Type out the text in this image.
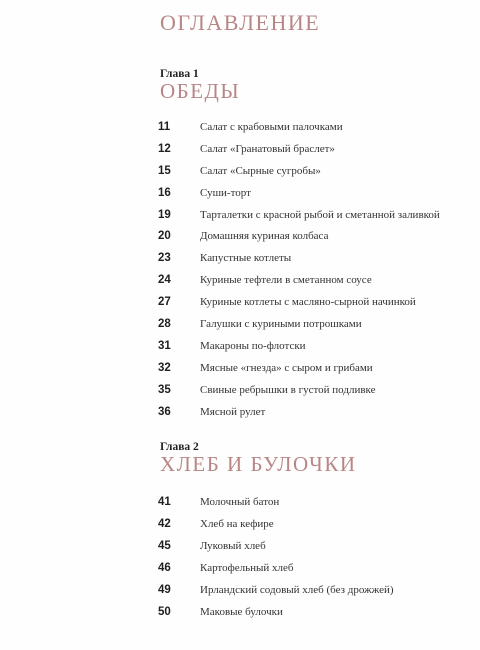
ОГЛАВЛЕНИЕ

Глава 1

ОБЕДЫ
11	Салат с крабовыми палочками
12	Салат «Гранатовый браслет»
15	Салат «Сырные сугробы»
16	Суши-торт
19	Тарталетки с красной рыбой и сметанной заливкой
20	Домашняя куриная колбаса
23	Капустные котлеты
24	Куриные тефтели в сметанном соусе
27	Куриные котлеты с масляно-сырной начинкой
28	Галушки с куриными потрошками
31	Макароны по-флотски
32	Мясные «гнезда» с сыром и грибами
35	Свиные ребрышки в густой подливке
36	Мясной рулет

Глава 2

ХЛЕБ И БУЛОЧКИ
41	Молочный батон
42	Хлеб на кефире
45	Луковый хлеб
46	Картофельный хлеб
49	Ирландский содовый хлеб (без дрожжей)
50	Маковые булочки
